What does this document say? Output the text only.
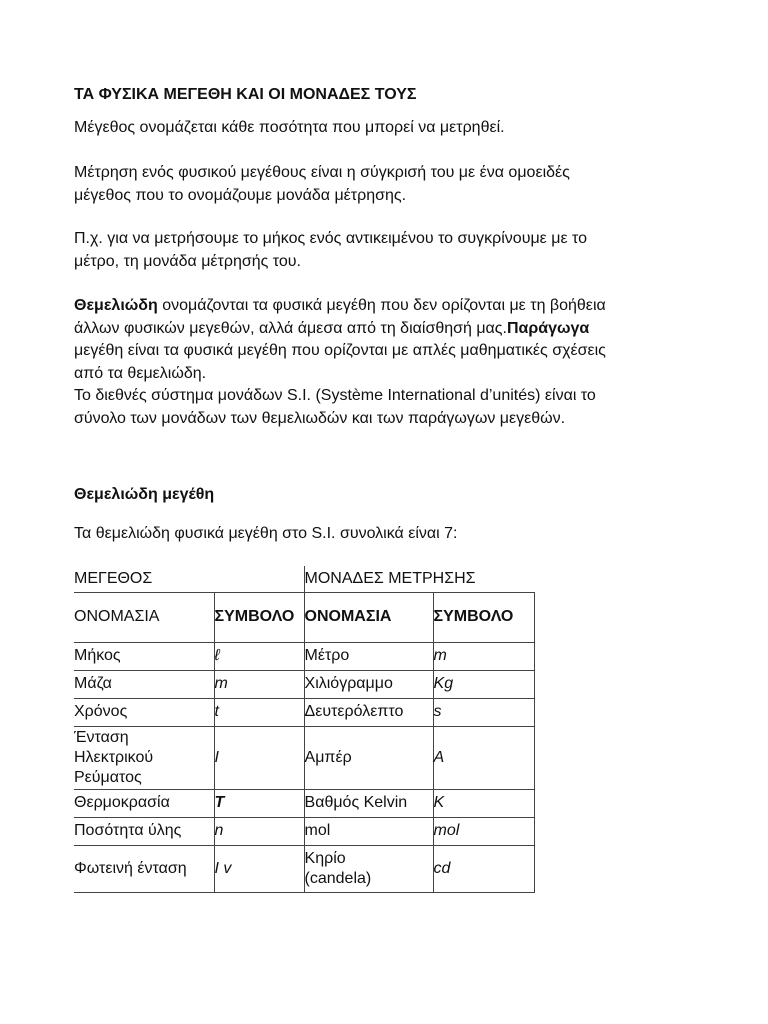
ΤΑ ΦΥΣΙΚΑ ΜΕΓΕΘΗ ΚΑΙ ΟΙ ΜΟΝΑΔΕΣ ΤΟΥΣ

Μέγεθος ονομάζεται κάθε ποσότητα που μπορεί να μετρηθεί.

Μέτρηση ενός φυσικού μεγέθους είναι η σύγκρισή του με ένα ομοειδές
μέγεθος που το ονομάζουμε μονάδα μέτρησης.

Π.χ. για να μετρήσουμε το μήκος ενός αντικειμένου το συγκρίνουμε με το
μέτρο, τη μονάδα μέτρησής του.

Θεμελιώδη ονομάζονται τα φυσικά μεγέθη που δεν ορίζονται με τη βοήθεια
άλλων φυσικών μεγεθών, αλλά άμεσα από τη διαίσθησή μας.Παράγωγα
μεγέθη είναι τα φυσικά μεγέθη που ορίζονται με απλές μαθηματικές σχέσεις
από τα θεμελιώδη.
Το διεθνές σύστημα μονάδων S.I. (Système International d’unités) είναι το
σύνολο των μονάδων των θεμελιωδών και των παράγωγων μεγεθών.

Θεμελιώδη μεγέθη

Τα θεμελιώδη φυσικά μεγέθη στο S.I. συνολικά είναι 7:

ΜΕΓΕΘΟΣ		ΜΟΝΑΔΕΣ ΜΕΤΡΗΣΗΣ	
ΟΝΟΜΑΣΙΑ	ΣΥΜΒΟΛΟ	ΟΝΟΜΑΣΙΑ	ΣΥΜΒΟΛΟ
Μήκος	ℓ	Μέτρο	m
Μάζα	m	Χιλιόγραμμο	Kg
Χρόνος	t	Δευτερόλεπτο	s
Ένταση Ηλεκτρικού Ρεύματος	I	Αμπέρ	A
Θερμοκρασία	T	Βαθμός Kelvin	K
Ποσότητα ύλης	n	mol	mol
Φωτεινή ένταση	I v	Κηρίο (candela)	cd
